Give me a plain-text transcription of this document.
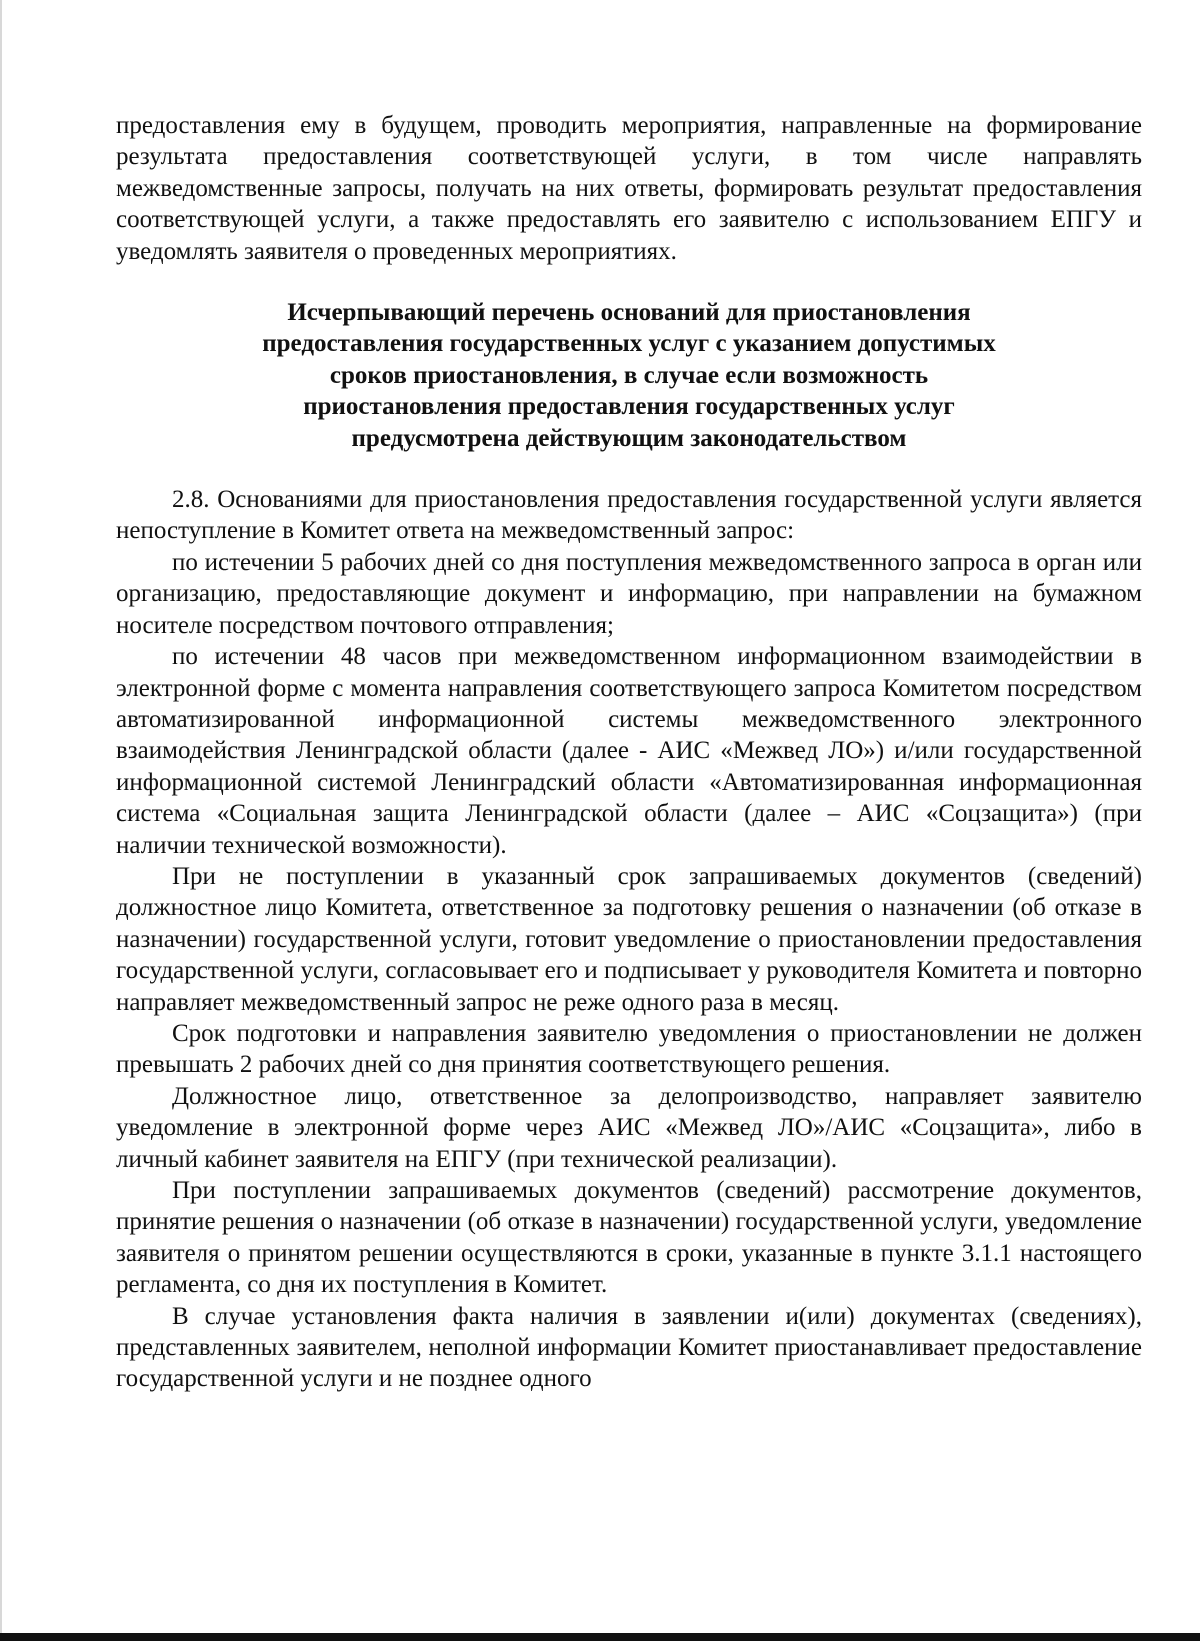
предоставления ему в будущем, проводить мероприятия, направленные на формирование результата предоставления соответствующей услуги, в том числе направлять межведомственные запросы, получать на них ответы, формировать результат предоставления соответствующей услуги, а также предоставлять его заявителю с использованием ЕПГУ и уведомлять заявителя о проведенных мероприятиях.

Исчерпывающий перечень оснований для приостановления
предоставления государственных услуг с указанием допустимых
сроков приостановления, в случае если возможность
приостановления предоставления государственных услуг
предусмотрена действующим законодательством

2.8. Основаниями для приостановления предоставления государственной услуги является непоступление в Комитет ответа на межведомственный запрос:

по истечении 5 рабочих дней со дня поступления межведомственного запроса в орган или организацию, предоставляющие документ и информацию, при направлении на бумажном носителе посредством почтового отправления;

по истечении 48 часов при межведомственном информационном взаимодействии в электронной форме с момента направления соответствующего запроса Комитетом посредством автоматизированной информационной системы межведомственного электронного взаимодействия Ленинградской области (далее - АИС «Межвед ЛО») и/или государственной информационной системой Ленинградский области «Автоматизированная информационная система «Социальная защита Ленинградской области (далее – АИС «Соцзащита») (при наличии технической возможности).

При не поступлении в указанный срок запрашиваемых документов (сведений) должностное лицо Комитета, ответственное за подготовку решения о назначении (об отказе в назначении) государственной услуги, готовит уведомление о приостановлении предоставления государственной услуги, согласовывает его и подписывает у руководителя Комитета и повторно направляет межведомственный запрос не реже одного раза в месяц.

Срок подготовки и направления заявителю уведомления о приостановлении не должен превышать 2 рабочих дней со дня принятия соответствующего решения.

Должностное лицо, ответственное за делопроизводство, направляет заявителю уведомление в электронной форме через АИС «Межвед ЛО»/АИС «Соцзащита», либо в личный кабинет заявителя на ЕПГУ (при технической реализации).

При поступлении запрашиваемых документов (сведений) рассмотрение документов, принятие решения о назначении (об отказе в назначении) государственной услуги, уведомление заявителя о принятом решении осуществляются в сроки, указанные в пункте 3.1.1 настоящего регламента, со дня их поступления в Комитет.

В случае установления факта наличия в заявлении и(или) документах (сведениях), представленных заявителем, неполной информации Комитет приостанавливает предоставление государственной услуги и не позднее одного
